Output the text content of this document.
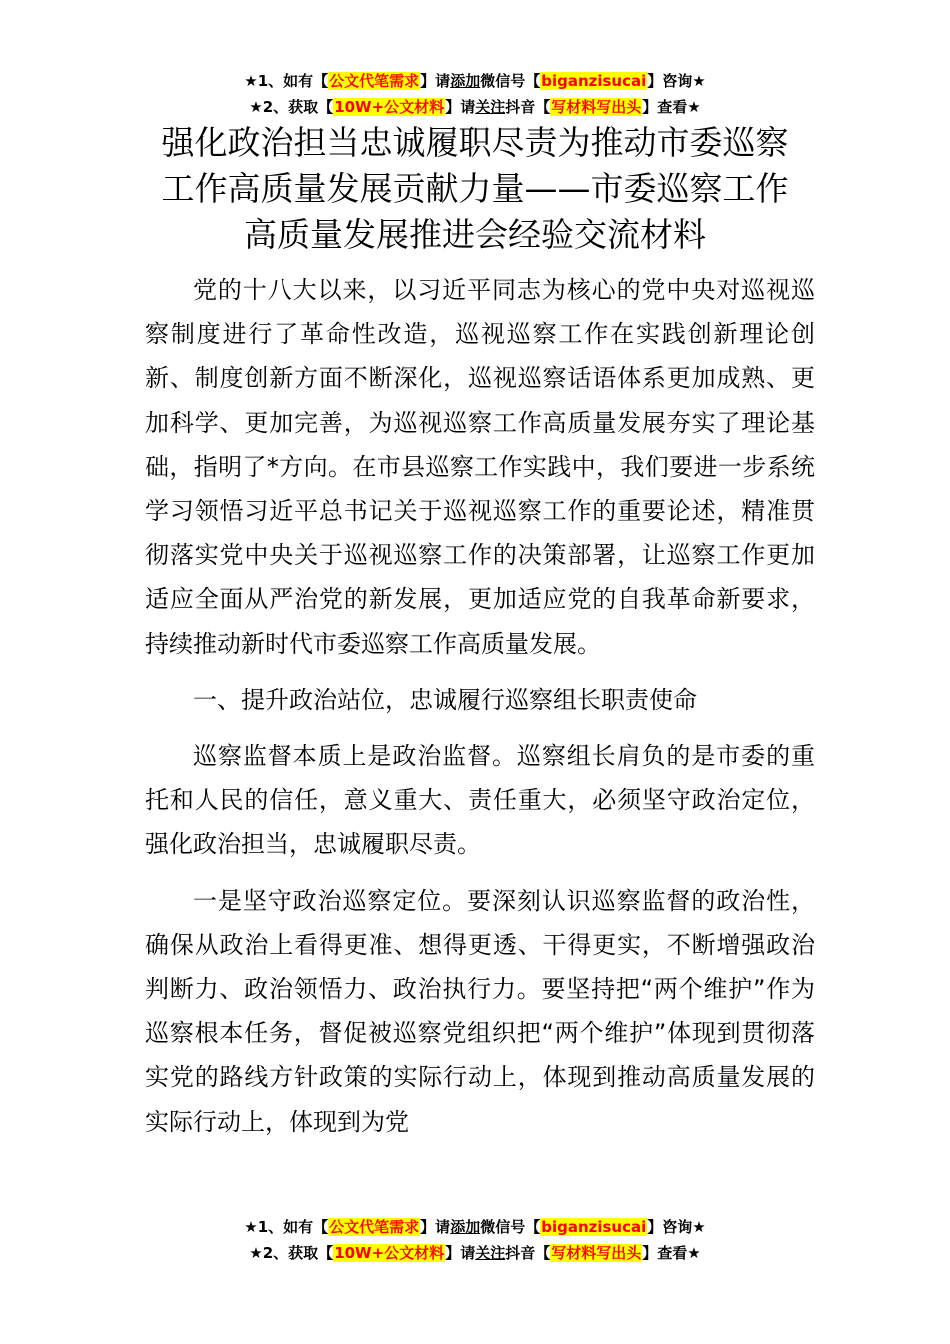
★1、如有【公文代笔需求】请添加微信号【biganzisucai】咨询★
★2、获取【10W+公文材料】请关注抖音【写材料写出头】查看★
强化政治担当忠诚履职尽责为推动市委巡察
工作高质量发展贡献力量——市委巡察工作
高质量发展推进会经验交流材料

党的十八大以来，以习近平同志为核心的党中央对巡视巡察制度进行了革命性改造，巡视巡察工作在实践创新理论创新、制度创新方面不断深化，巡视巡察话语体系更加成熟、更加科学、更加完善，为巡视巡察工作高质量发展夯实了理论基础，指明了*方向。在市县巡察工作实践中，我们要进一步系统学习领悟习近平总书记关于巡视巡察工作的重要论述，精准贯彻落实党中央关于巡视巡察工作的决策部署，让巡察工作更加适应全面从严治党的新发展，更加适应党的自我革命新要求，持续推动新时代市委巡察工作高质量发展。

一、提升政治站位，忠诚履行巡察组长职责使命

巡察监督本质上是政治监督。巡察组长肩负的是市委的重托和人民的信任，意义重大、责任重大，必须坚守政治定位，强化政治担当，忠诚履职尽责。

一是坚守政治巡察定位。要深刻认识巡察监督的政治性，确保从政治上看得更准、想得更透、干得更实，不断增强政治判断力、政治领悟力、政治执行力。要坚持把“两个维护”作为巡察根本任务，督促被巡察党组织把“两个维护”体现到贯彻落实党的路线方针政策的实际行动上，体现到推动高质量发展的实际行动上，体现到为党

★1、如有【公文代笔需求】请添加微信号【biganzisucai】咨询★
★2、获取【10W+公文材料】请关注抖音【写材料写出头】查看★
